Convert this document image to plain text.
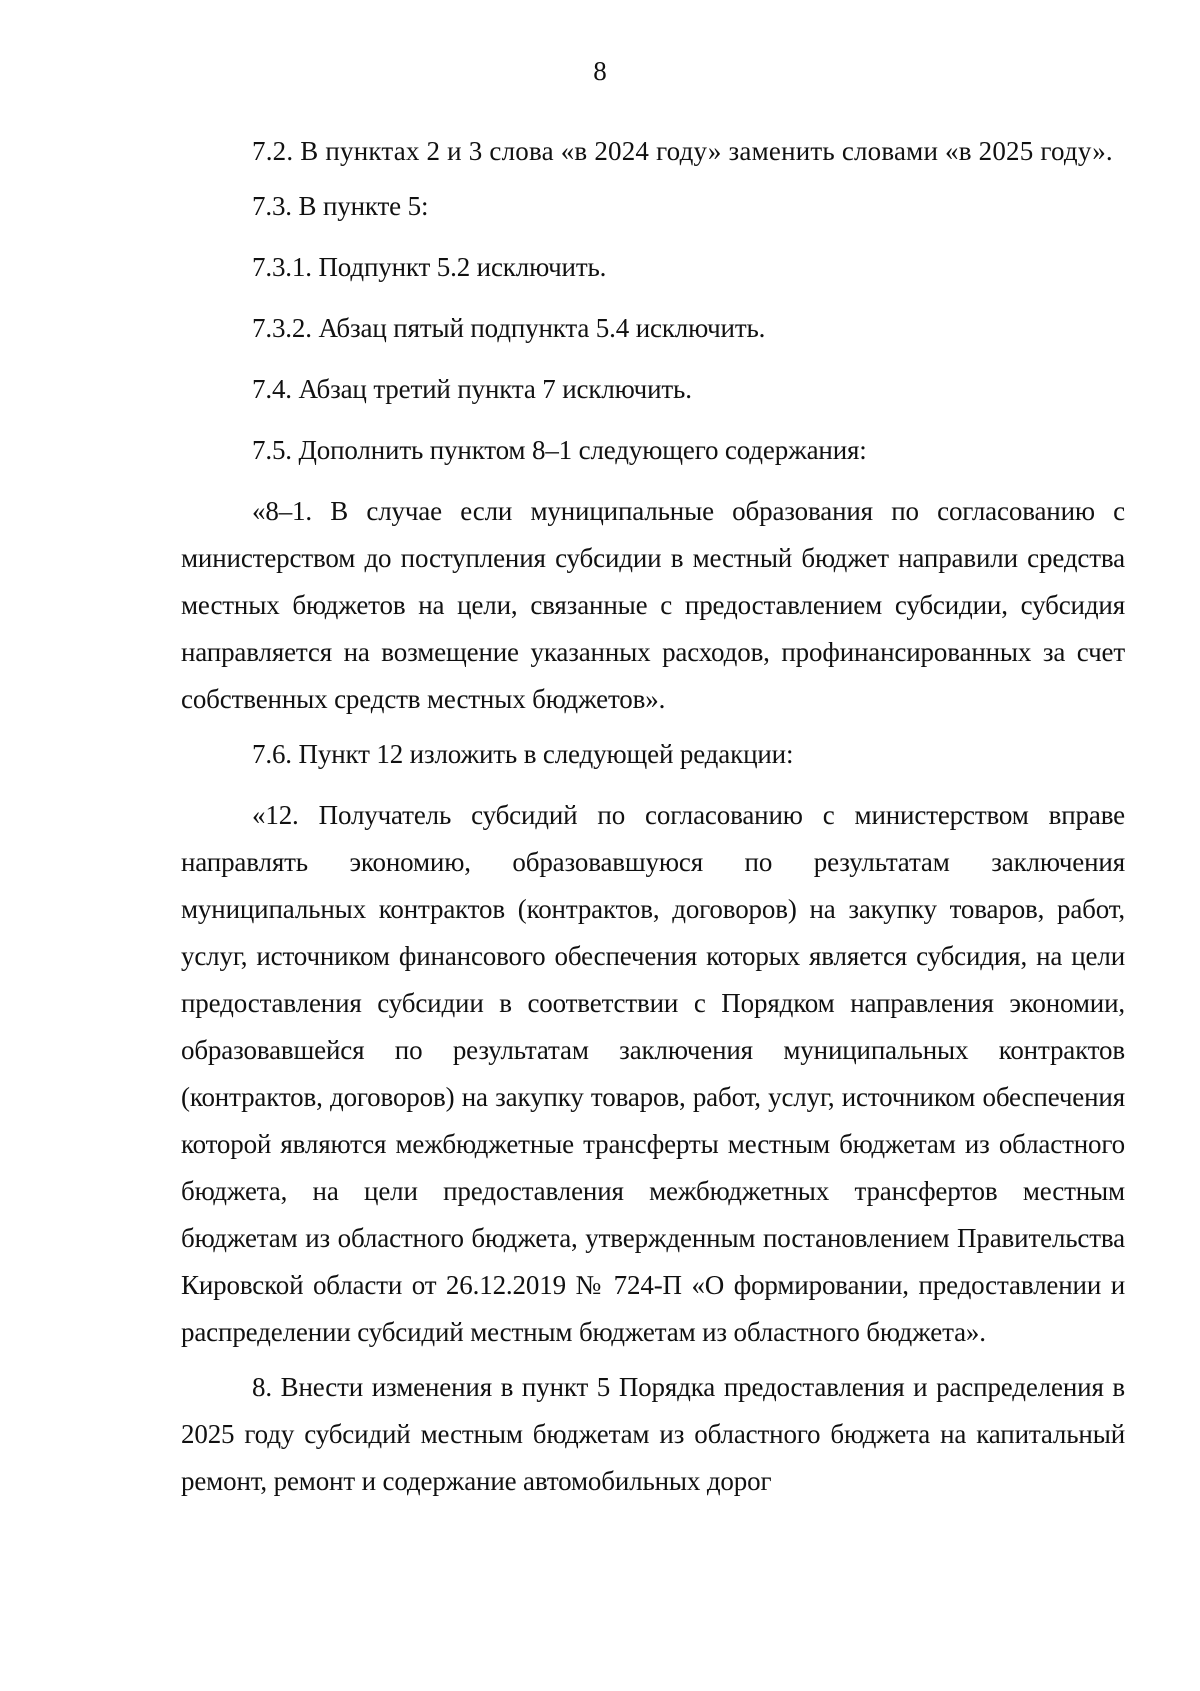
8

7.2. В пунктах 2 и 3 слова «в 2024 году» заменить словами «в 2025 году».

7.3. В пункте 5:

7.3.1. Подпункт 5.2 исключить.

7.3.2. Абзац пятый подпункта 5.4 исключить.

7.4. Абзац третий пункта 7 исключить.

7.5. Дополнить пунктом 8–1 следующего содержания:

«8–1. В случае если муниципальные образования по согласованию с министерством до поступления субсидии в местный бюджет направили средства местных бюджетов на цели, связанные с предоставлением субсидии, субсидия направляется на возмещение указанных расходов, профинансированных за счет собственных средств местных бюджетов».

7.6. Пункт 12 изложить в следующей редакции:

«12. Получатель субсидий по согласованию с министерством вправе направлять экономию, образовавшуюся по результатам заключения муниципальных контрактов (контрактов, договоров) на закупку товаров, работ, услуг, источником финансового обеспечения которых является субсидия, на цели предоставления субсидии в соответствии с Порядком направления экономии, образовавшейся по результатам заключения муниципальных контрактов (контрактов, договоров) на закупку товаров, работ, услуг, источником обеспечения которой являются межбюджетные трансферты местным бюджетам из областного бюджета, на цели предоставления межбюджетных трансфертов местным бюджетам из областного бюджета, утвержденным постановлением Правительства Кировской области от 26.12.2019 № 724-П «О формировании, предоставлении и распределении субсидий местным бюджетам из областного бюджета».

8. Внести изменения в пункт 5 Порядка предоставления и распределения в 2025 году субсидий местным бюджетам из областного бюджета на капитальный ремонт, ремонт и содержание автомобильных дорог
